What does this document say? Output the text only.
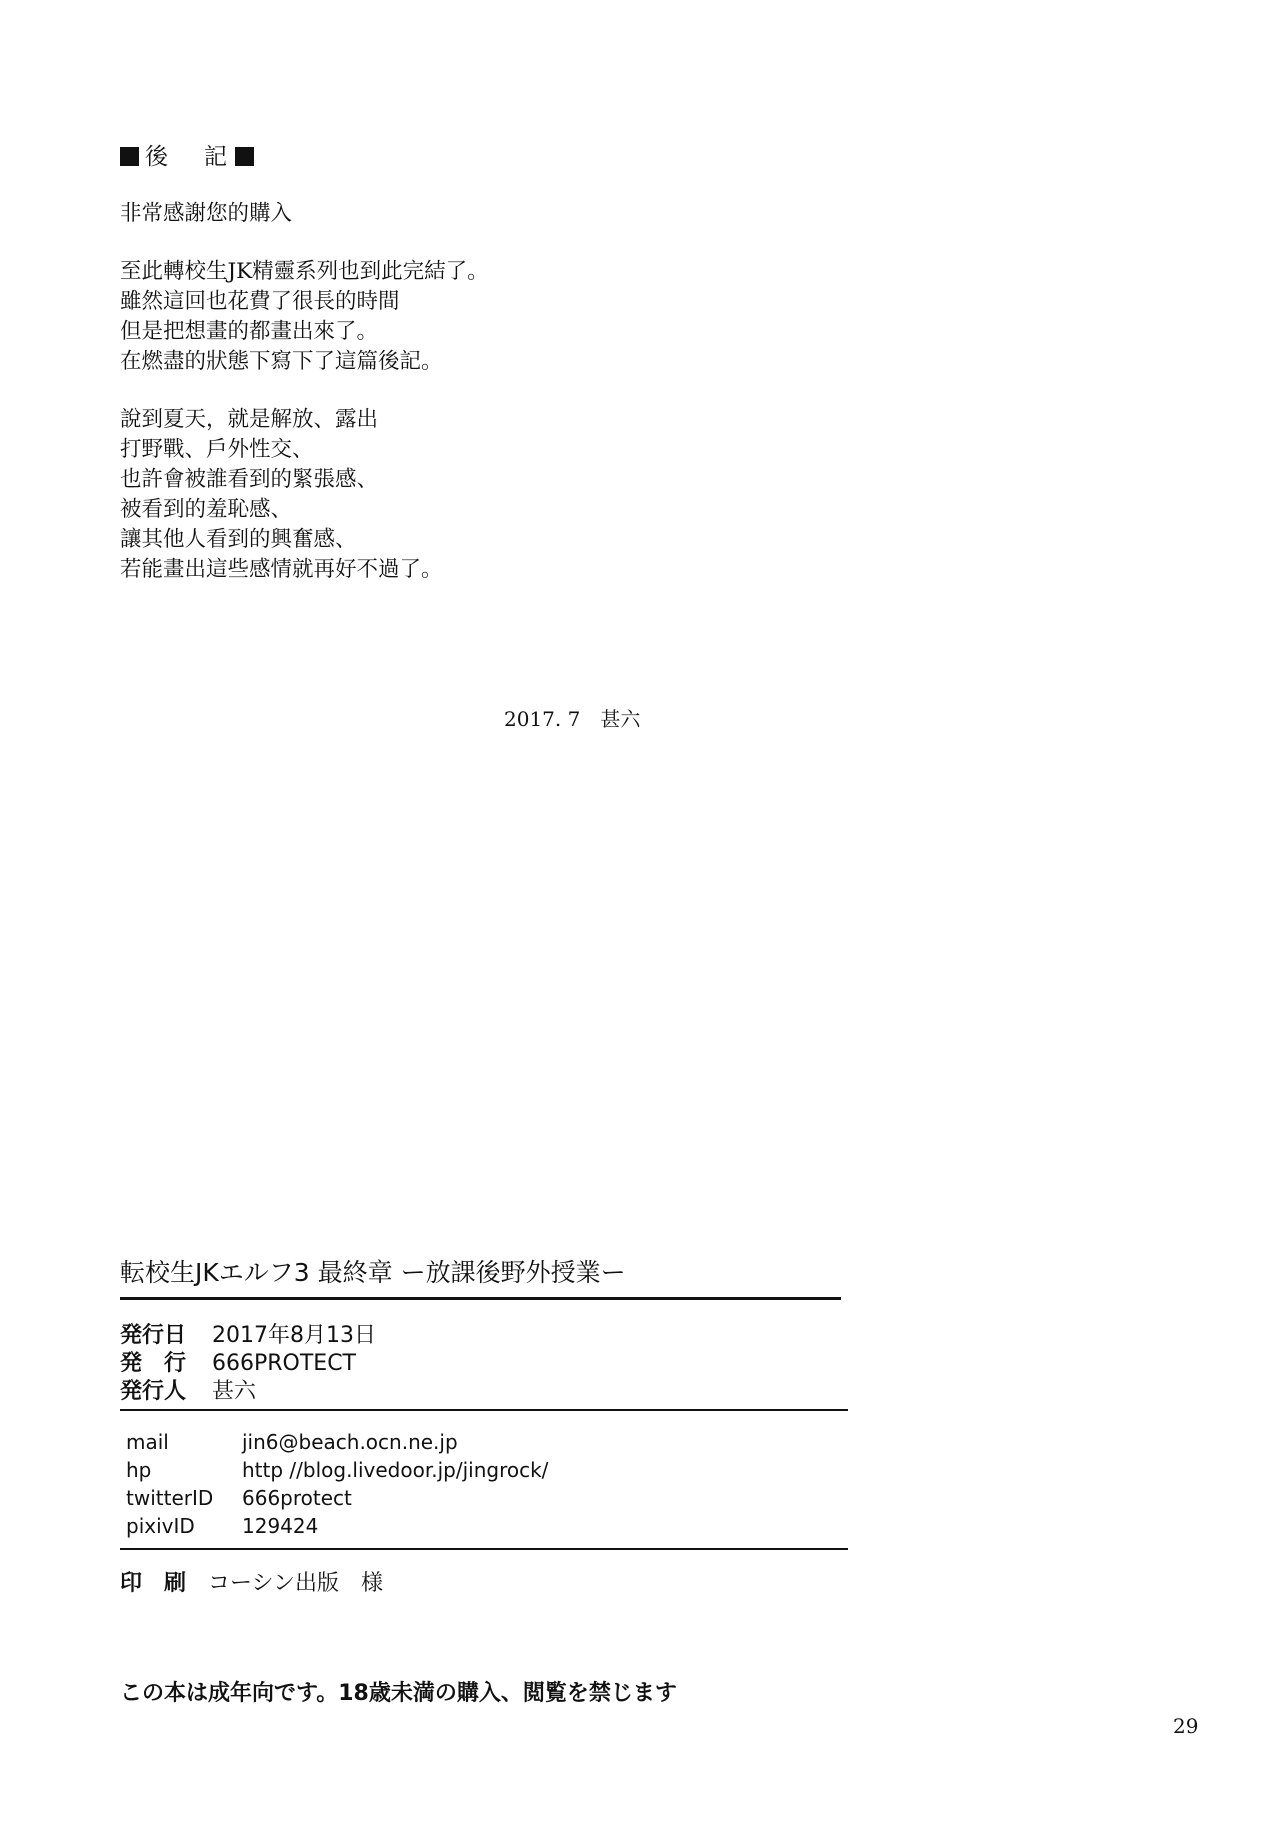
後 記
非常感謝您的購入
至此轉校生JK精靈系列也到此完結了。
雖然這回也花費了很長的時間
但是把想畫的都畫出來了。
在燃盡的狀態下寫下了這篇後記。
說到夏天，就是解放、露出
打野戰、戶外性交、
也許會被誰看到的緊張感、
被看到的羞恥感、
讓其他人看到的興奮感、
若能畫出這些感情就再好不過了。
2017. 7 甚六
転校生JKエルフ3 最終章 ー放課後野外授業ー
発行日 2017年8月13日
発　行 666PROTECT
発行人 甚六
mail	jin6@beach.ocn.ne.jp
hp	http //blog.livedoor.jp/jingrock/
twitterID 666protect
pixivID 129424
印　刷 コーシン出版　様
この本は成年向です。18歳未満の購入、閲覧を禁じます
29
